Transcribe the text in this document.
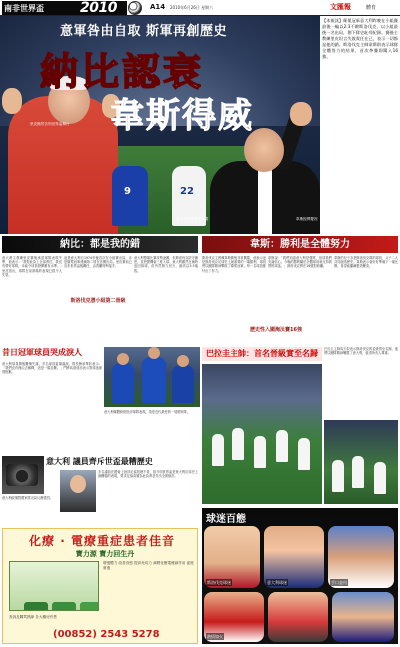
南非世界盃	2010	A14 2010年6月26日 星期六	文匯報	體育
9	22
意軍咎由自取 斯軍再創歷史
納比認衰
韋斯得威
里皮黯然告別世界盃舞台
意大利球員賽後落寞	韋斯振臂慶祝

【本報訊】衛冕冠軍意大利昨晚在小組賽最後一輪以2:3不敵斯洛伐克，以小組最後一名出局，創下隊史恥辱紀錄。賽後主教練里皮坦言失敗責任在己，表示一切都是他的錯。斯洛伐克主帥韋斯則表示球隊全體努力的結果，首次參賽即闖入16強。

納比：都是我的錯	韋斯：勝利是全體努力

意大利主教練里皮賽後承認球隊表現失準，他表示：「我對此負上全部責任，我沒有帶好球隊，未能令球員發揮應有水準。」里皮指出，球隊在前兩場的表現已經令人失望。

這是意大利自1974年後首次在小組賽出局，亦是衛冕冠軍連續第二屆在首圈出局。里皮賽前已宣布世界盃後離任，由普蘭特利接手。

斯洛伐克憑小組第二晉級

意大利整場比賽攻勢凌厲，但斯洛伐克防守嚴密，並把握機會三度入球。意大利雖然在補時追回兩球，但仍然無力回天，最終以2:3落敗。

斯洛伐克主教練韋斯賽後非常興奮，他表示這是斯洛伐克足球史上最重要的一場勝利，球員們以團隊精神擊敗了衛冕冠軍，每一名球員都付出了努力。

韋斯說：「我們知道意大利是強隊，但球員們充滿信心。今晚的勝利屬於全體球員和支持我們的球迷。」斯洛伐克將在16強對荷蘭。

韋斯的兒子亦是斯洛伐克隊的球員，父子二人共同創造歷史。韋斯表示會好好準備下一場比賽，希望能繼續製造驚喜。

歷史性入圍淘汰賽16強
昔日冠軍球員哭成淚人

意大利球員賽後難掩失落，多名球員當場落淚。隊長簡拿華奴表示：「我們沒有理由去解釋，這是一場災難。」門將馬基迪亦表示對球迷深感抱歉。

意大利媒體紛紛批評球隊表現，指是近代最差的一屆國家隊。

巴拉圭主帥：首名晉級實至名歸	巴拉圭主帥馬天奴表示斯洛伐克的晉級實至名歸，他們以團隊精神戰勝了意大利，值得所有人尊重。

意大利 議員齊斥世盃最糟歷史

意大利政壇對國家隊出局反應強烈。

多名議員在國會上批評足協管理不善，指今屆世界盃是意大利足球史上最糟糕的表現，要求足協高層為此負責並作出全面檢討。

化療 · 電療重症患者佳音
寶力源 寶力回生丹

增強體力 改善食慾 提高免疫力 減輕化療電療副作用 促進康復

查詢及購買熱線 各大藥房有售

(00852) 2543 5278
球迷百態
斯洛伐克球迷	意大利球迷	手口並用
熱情如火
